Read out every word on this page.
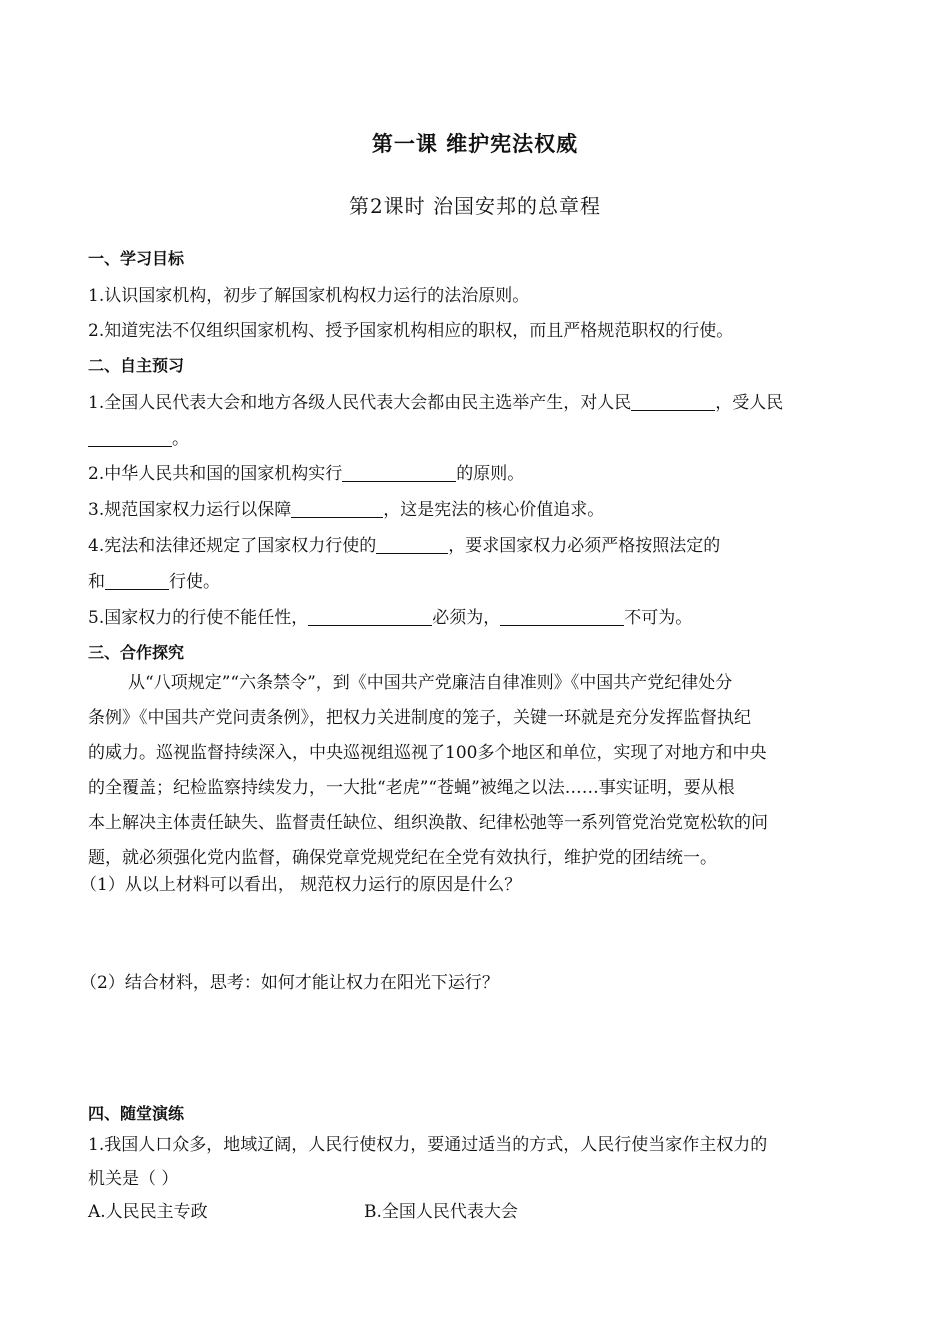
第一课 维护宪法权威
第2课时 治国安邦的总章程
一、学习目标
1.认识国家机构，初步了解国家机构权力运行的法治原则。
2.知道宪法不仅组织国家机构、授予国家机构相应的职权，而且严格规范职权的行使。
二、自主预习
1.全国人民代表大会和地方各级人民代表大会都由民主选举产生，对人民	，受人民
。
2.中华人民共和国的国家机构实行	的原则。
3.规范国家权力运行以保障	，这是宪法的核心价值追求。
4.宪法和法律还规定了国家权力行使的	，要求国家权力必须严格按照法定的
和	行使。
5.国家权力的行使不能任性，	必须为，	不可为。
三、合作探究
从“八项规定”“六条禁令”，到《中国共产党廉洁自律准则》《中国共产党纪律处分
条例》《中国共产党问责条例》，把权力关进制度的笼子，关键一环就是充分发挥监督执纪
的威力。巡视监督持续深入，中央巡视组巡视了100多个地区和单位，实现了对地方和中央
的全覆盖；纪检监察持续发力，一大批“老虎”“苍蝇”被绳之以法……事实证明，要从根
本上解决主体责任缺失、监督责任缺位、组织涣散、纪律松弛等一系列管党治党宽松软的问
题，就必须强化党内监督，确保党章党规党纪在全党有效执行，维护党的团结统一。
（1）从以上材料可以看出， 规范权力运行的原因是什么？
（2）结合材料，思考：如何才能让权力在阳光下运行？
四、随堂演练
1.我国人口众多，地域辽阔，人民行使权力，要通过适当的方式，人民行使当家作主权力的
机关是（ ）
A.人民民主专政	B.全国人民代表大会
